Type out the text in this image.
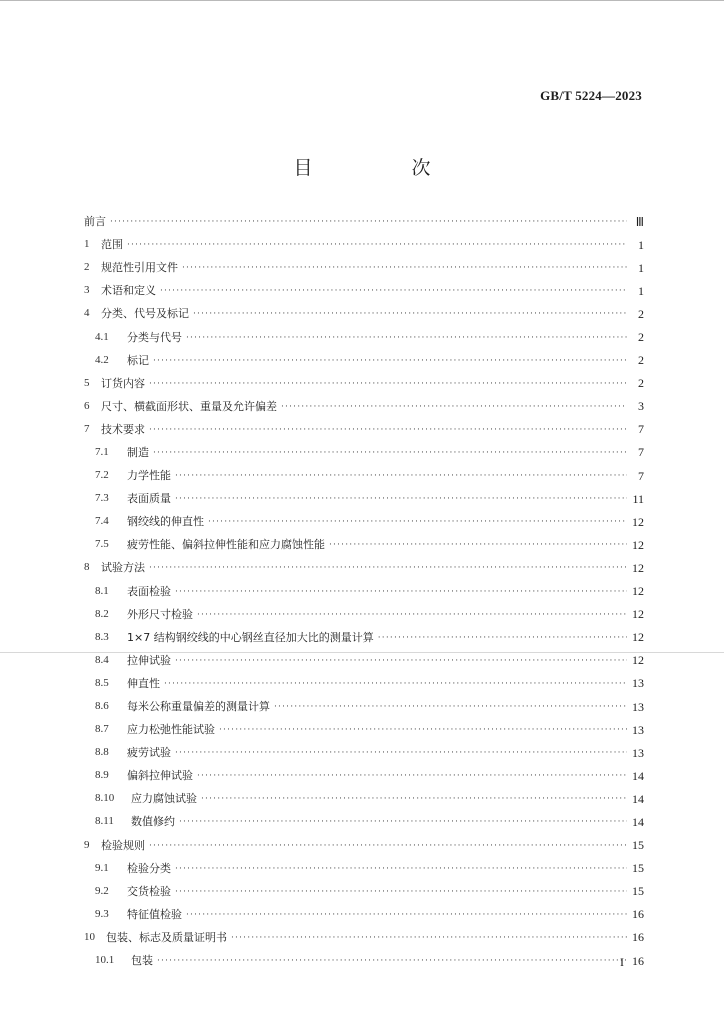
GB/T 5224—2023
目　次
前言 ·····	Ⅲ
1	范围 ·····	1
2	规范性引用文件 ·····	1
3	术语和定义 ·····	1
4	分类、代号及标记 ·····	2
4.1	分类与代号 ·····	2
4.2	标记 ·····	2
5	订货内容 ·····	2
6	尺寸、横截面形状、重量及允许偏差 ·····	3
7	技术要求 ·····	7
7.1	制造 ·····	7
7.2	力学性能 ·····	7
7.3	表面质量 ·····	11
7.4	钢绞线的伸直性 ·····	12
7.5	疲劳性能、偏斜拉伸性能和应力腐蚀性能 ·····	12
8	试验方法 ·····	12
8.1	表面检验 ·····	12
8.2	外形尺寸检验 ·····	12
8.3	1×7 结构钢绞线的中心钢丝直径加大比的测量计算 ·····	12
8.4	拉伸试验 ·····	12
8.5	伸直性 ·····	13
8.6	每米公称重量偏差的测量计算 ·····	13
8.7	应力松弛性能试验 ·····	13
8.8	疲劳试验 ·····	13
8.9	偏斜拉伸试验 ·····	14
8.10	应力腐蚀试验 ·····	14
8.11	数值修约 ·····	14
9	检验规则 ·····	15
9.1	检验分类 ·····	15
9.2	交货检验 ·····	15
9.3	特征值检验 ·····	16
10	包装、标志及质量证明书 ·····	16
10.1	包装 ·····	16
I
